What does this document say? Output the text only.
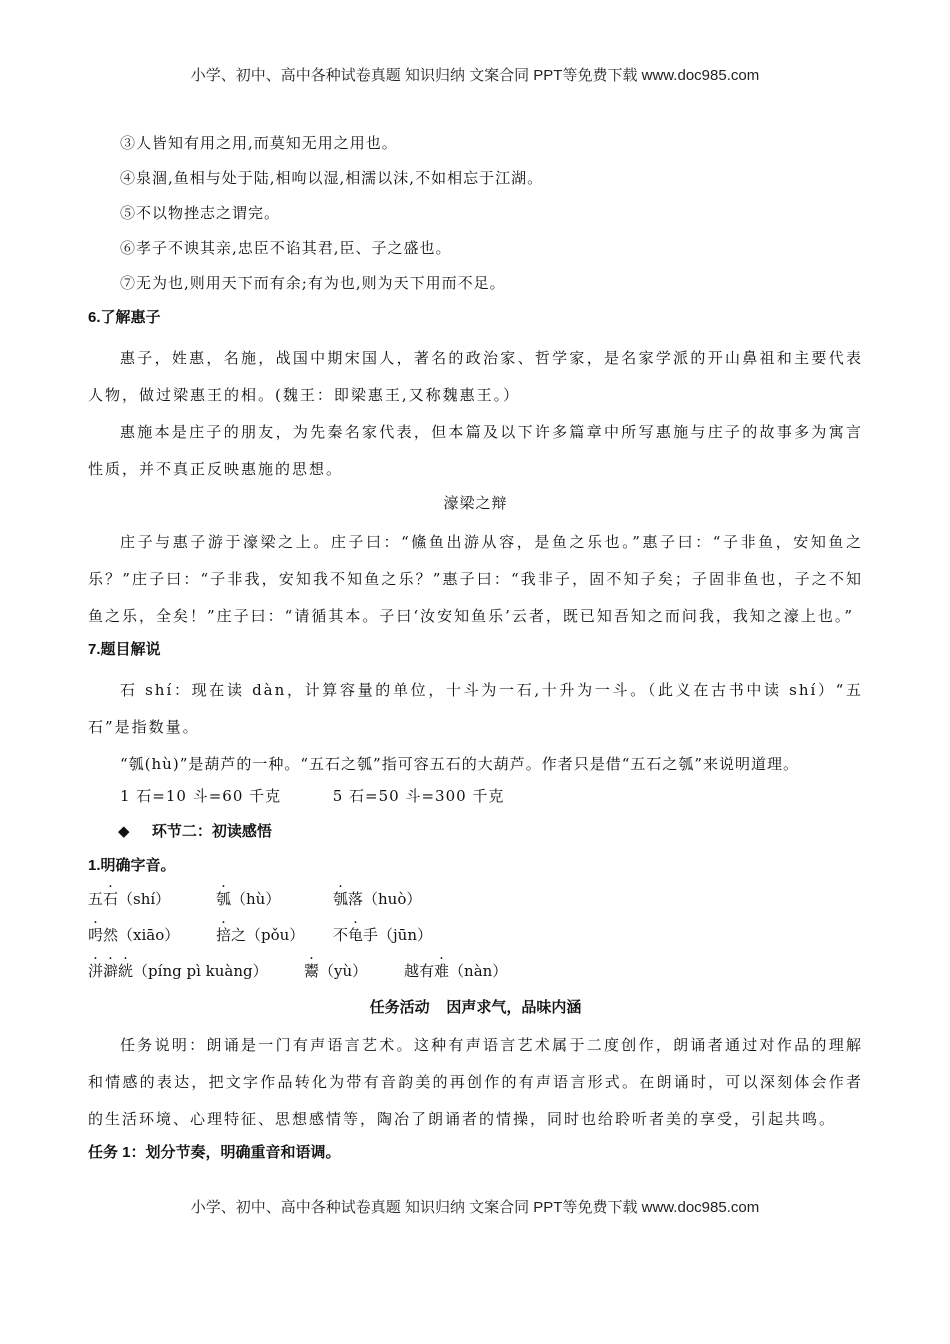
小学、初中、高中各种试卷真题 知识归纳 文案合同 PPT等免费下载 www.doc985.com
③人皆知有用之用,而莫知无用之用也。
④泉涸,鱼相与处于陆,相呴以湿,相濡以沫,不如相忘于江湖。
⑤不以物挫志之谓完。
⑥孝子不谀其亲,忠臣不谄其君,臣、子之盛也。
⑦无为也,则用天下而有余;有为也,则为天下用而不足。
6.了解惠子
惠子，姓惠，名施，战国中期宋国人，著名的政治家、哲学家，是名家学派的开山鼻祖和主要代表人物，做过梁惠王的相。(魏王：即梁惠王,又称魏惠王。）
惠施本是庄子的朋友，为先秦名家代表，但本篇及以下许多篇章中所写惠施与庄子的故事多为寓言性质，并不真正反映惠施的思想。
濠梁之辩
庄子与惠子游于濠梁之上。庄子曰：“鯈鱼出游从容，是鱼之乐也。”惠子曰：“子非鱼，安知鱼之乐？”庄子曰：“子非我，安知我不知鱼之乐？”惠子曰：“我非子，固不知子矣；子固非鱼也，子之不知鱼之乐，全矣！”庄子曰：“请循其本。子曰‘汝安知鱼乐’云者，既已知吾知之而问我，我知之濠上也。”
7.题目解说
石 shí：现在读 dàn，计算容量的单位，十斗为一石,十升为一斗。（此义在古书中读 shí）“五石”是指数量。
“瓠(hù)”是葫芦的一种。“五石之瓠”指可容五石的大葫芦。作者只是借“五石之瓠”来说明道理。
1 石=10 斗=60 千克	5 石=50 斗=300 千克
◆ 环节二：初读感悟
1.明确字音。
五石（shí）	瓠（hù）	瓠落（huò）
呺然（xiāo）	掊之（pǒu）	不龟手（jūn）
洴澼絖（píng pì kuàng）	鬻（yù）	越有难（nàn）
任务活动    因声求气，品味内涵
任务说明：朗诵是一门有声语言艺术。这种有声语言艺术属于二度创作，朗诵者通过对作品的理解和情感的表达，把文字作品转化为带有音韵美的再创作的有声语言形式。在朗诵时，可以深刻体会作者的生活环境、心理特征、思想感情等，陶冶了朗诵者的情操，同时也给聆听者美的享受，引起共鸣。
任务 1：划分节奏，明确重音和语调。
小学、初中、高中各种试卷真题 知识归纳 文案合同 PPT等免费下载 www.doc985.com
